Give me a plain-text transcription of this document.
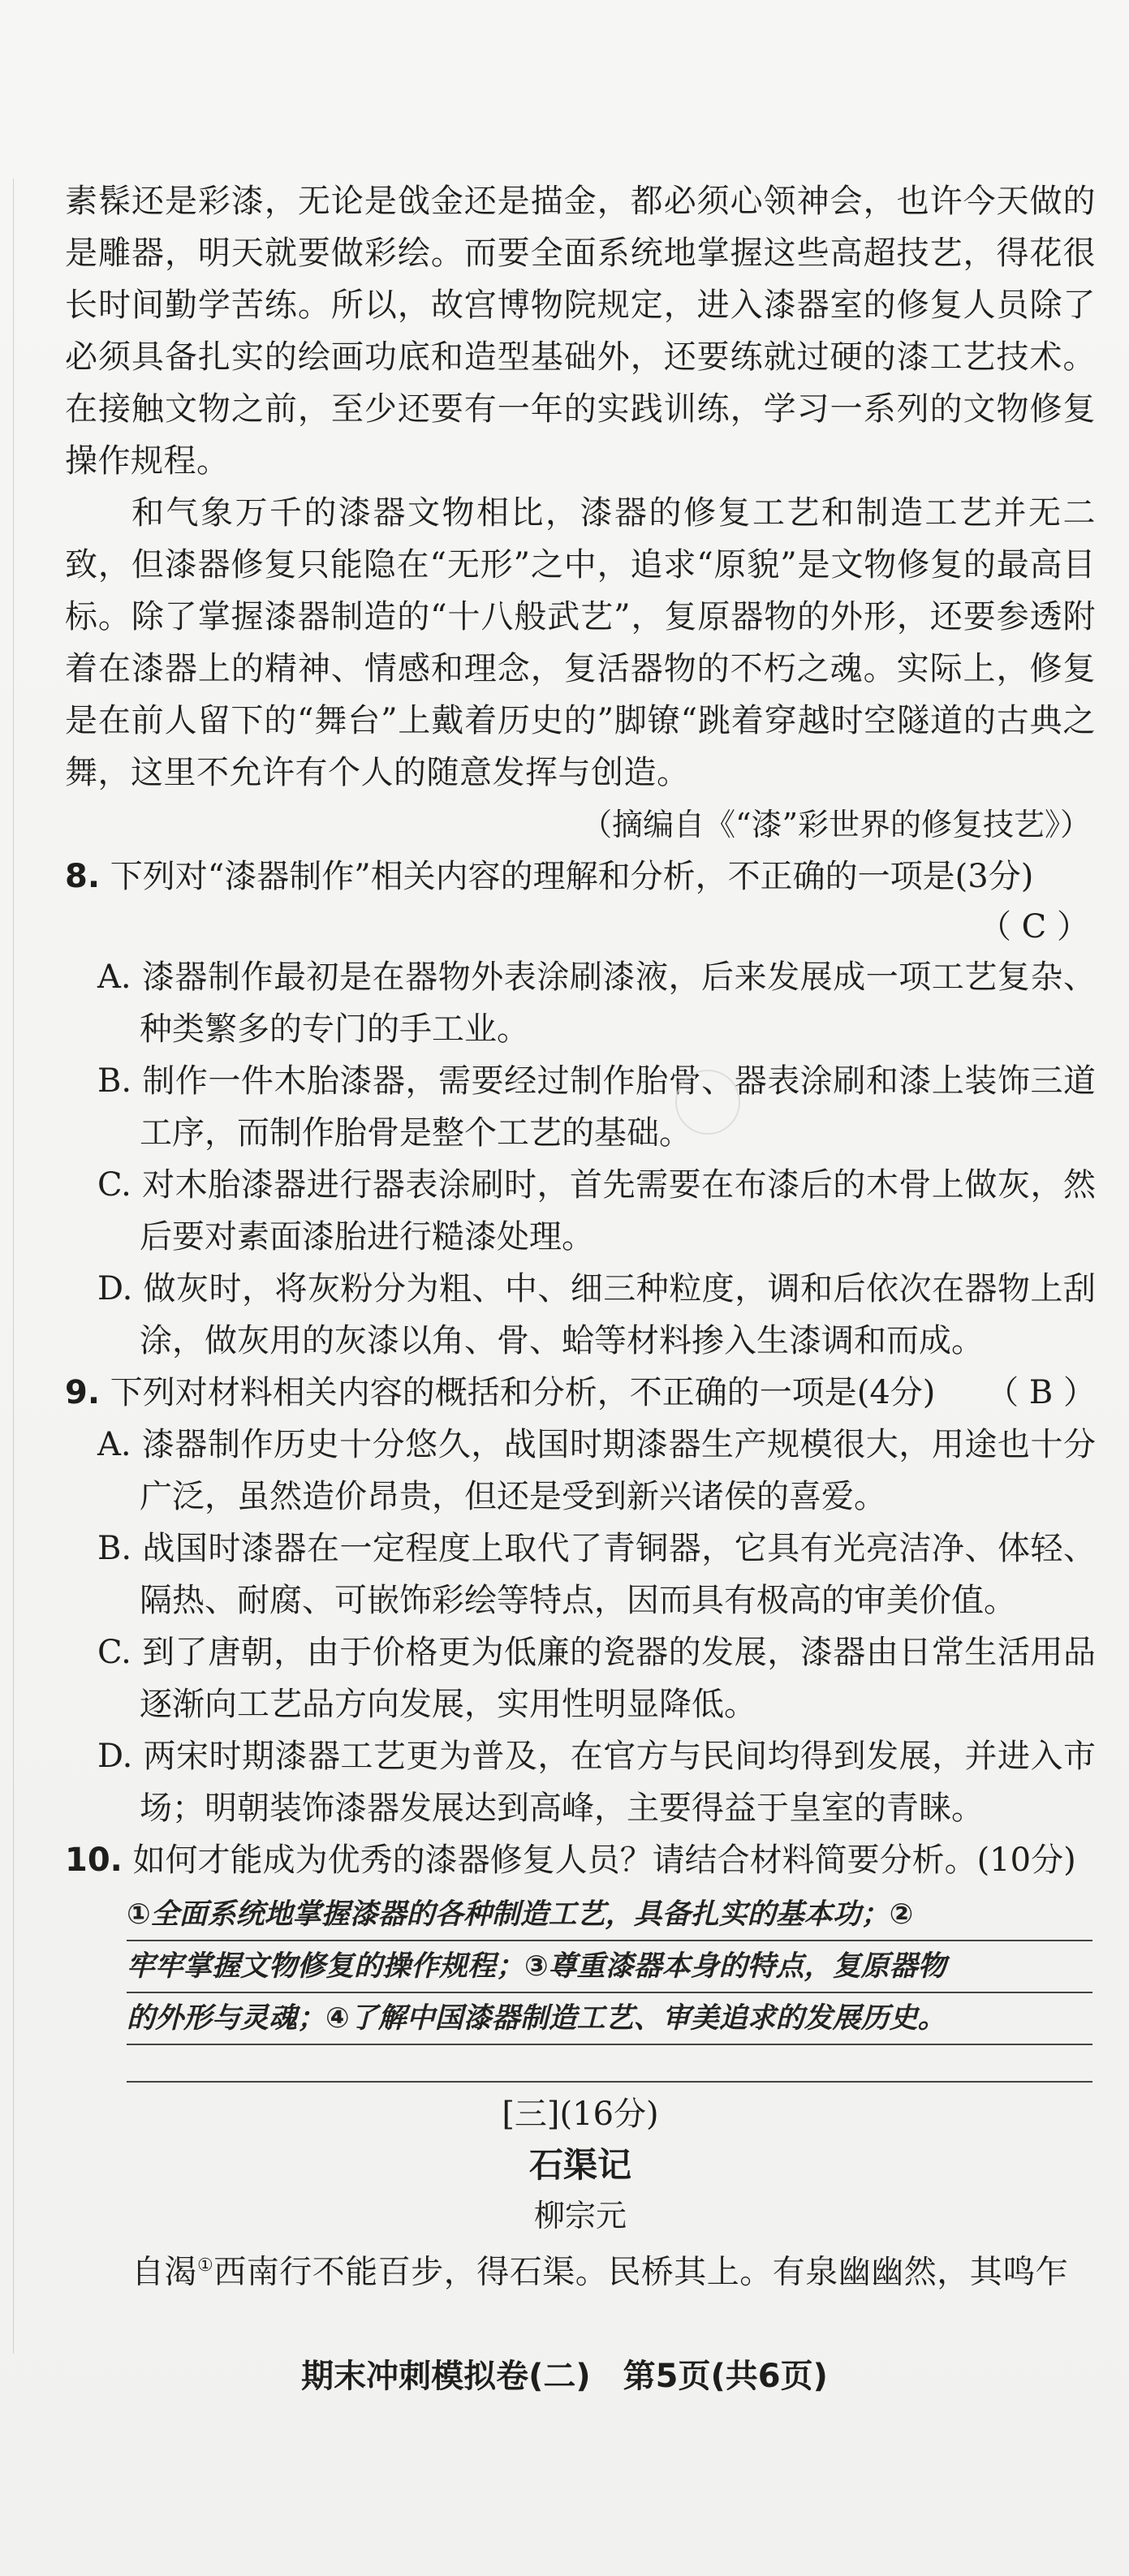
素髹还是彩漆，无论是戗金还是描金，都必须心领神会，也许今天做的是雕器，明天就要做彩绘。而要全面系统地掌握这些高超技艺，得花很长时间勤学苦练。所以，故宫博物院规定，进入漆器室的修复人员除了必须具备扎实的绘画功底和造型基础外，还要练就过硬的漆工艺技术。在接触文物之前，至少还要有一年的实践训练，学习一系列的文物修复操作规程。

和气象万千的漆器文物相比，漆器的修复工艺和制造工艺并无二致，但漆器修复只能隐在“无形”之中，追求“原貌”是文物修复的最高目标。除了掌握漆器制造的“十八般武艺”，复原器物的外形，还要参透附着在漆器上的精神、情感和理念，复活器物的不朽之魂。实际上，修复是在前人留下的“舞台”上戴着历史的”脚镣“跳着穿越时空隧道的古典之舞，这里不允许有个人的随意发挥与创造。

（摘编自《“漆”彩世界的修复技艺》）

8. 下列对“漆器制作”相关内容的理解和分析，不正确的一项是(3分)

（ C ）

A. 漆器制作最初是在器物外表涂刷漆液，后来发展成一项工艺复杂、种类繁多的专门的手工业。

B. 制作一件木胎漆器，需要经过制作胎骨、器表涂刷和漆上装饰三道工序，而制作胎骨是整个工艺的基础。

C. 对木胎漆器进行器表涂刷时，首先需要在布漆后的木骨上做灰，然后要对素面漆胎进行糙漆处理。

D. 做灰时，将灰粉分为粗、中、细三种粒度，调和后依次在器物上刮涂，做灰用的灰漆以角、骨、蛤等材料掺入生漆调和而成。

9. 下列对材料相关内容的概括和分析，不正确的一项是(4分) （ B ）

A. 漆器制作历史十分悠久，战国时期漆器生产规模很大，用途也十分广泛，虽然造价昂贵，但还是受到新兴诸侯的喜爱。

B. 战国时漆器在一定程度上取代了青铜器，它具有光亮洁净、体轻、隔热、耐腐、可嵌饰彩绘等特点，因而具有极高的审美价值。

C. 到了唐朝，由于价格更为低廉的瓷器的发展，漆器由日常生活用品逐渐向工艺品方向发展，实用性明显降低。

D. 两宋时期漆器工艺更为普及，在官方与民间均得到发展，并进入市场；明朝装饰漆器发展达到高峰，主要得益于皇室的青睐。

10. 如何才能成为优秀的漆器修复人员？请结合材料简要分析。(10分)

①全面系统地掌握漆器的各种制造工艺，具备扎实的基本功；②
牢牢掌握文物修复的操作规程；③尊重漆器本身的特点，复原器物
的外形与灵魂；④了解中国漆器制造工艺、审美追求的发展历史。
[三](16分)
石渠记
柳宗元

自渴①西南行不能百步，得石渠。民桥其上。有泉幽幽然，其鸣乍

期末冲刺模拟卷(二)　第5页(共6页)
